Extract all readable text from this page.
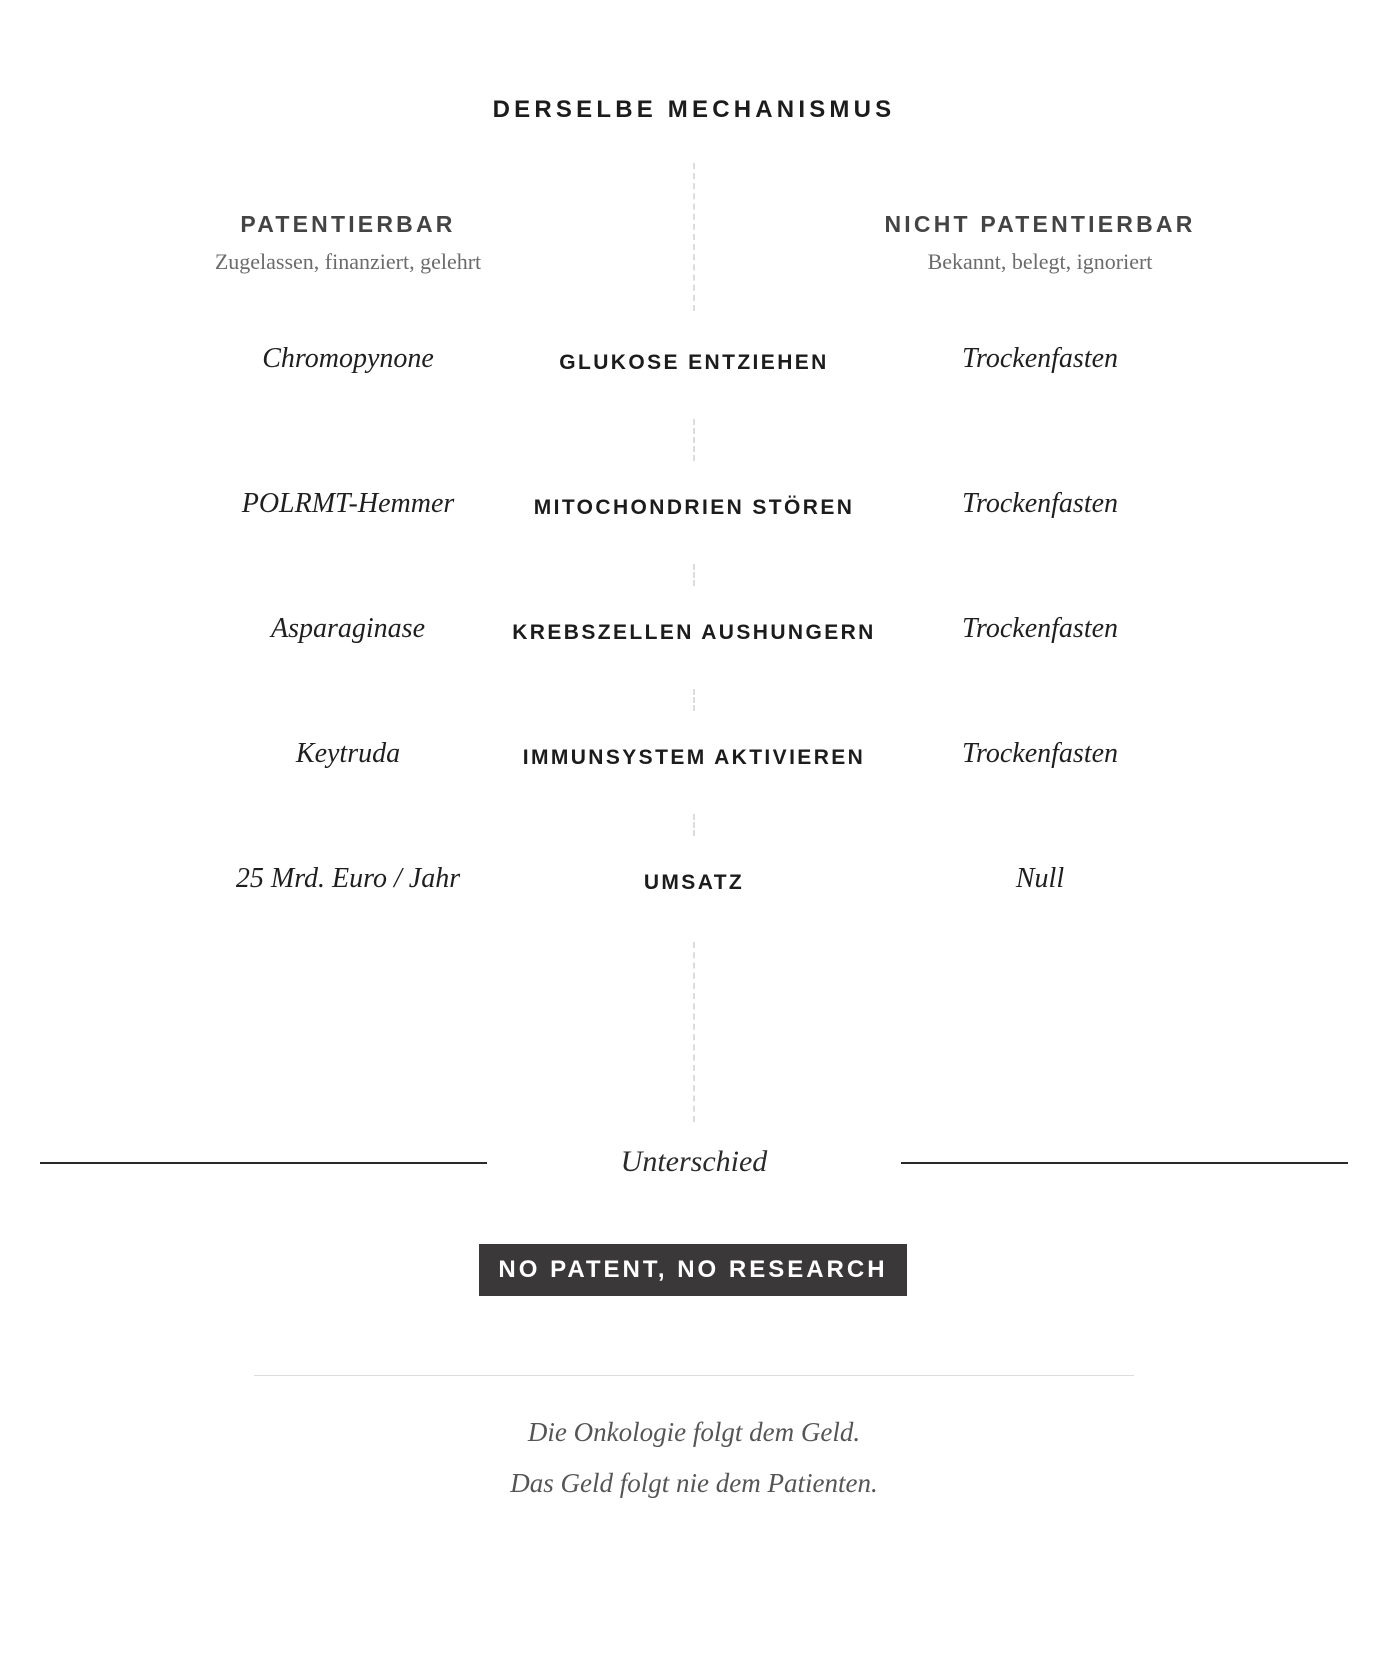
DERSELBE MECHANISMUS
PATENTIERBAR
Zugelassen, finanziert, gelehrt
NICHT PATENTIERBAR
Bekannt, belegt, ignoriert
Chromopynone	GLUKOSE ENTZIEHEN	Trockenfasten
POLRMT-Hemmer	MITOCHONDRIEN STÖREN	Trockenfasten
Asparaginase	KREBSZELLEN AUSHUNGERN	Trockenfasten
Keytruda	IMMUNSYSTEM AKTIVIEREN	Trockenfasten
25 Mrd. Euro / Jahr	UMSATZ	Null
Unterschied
NO PATENT, NO RESEARCH
Die Onkologie folgt dem Geld.
Das Geld folgt nie dem Patienten.
